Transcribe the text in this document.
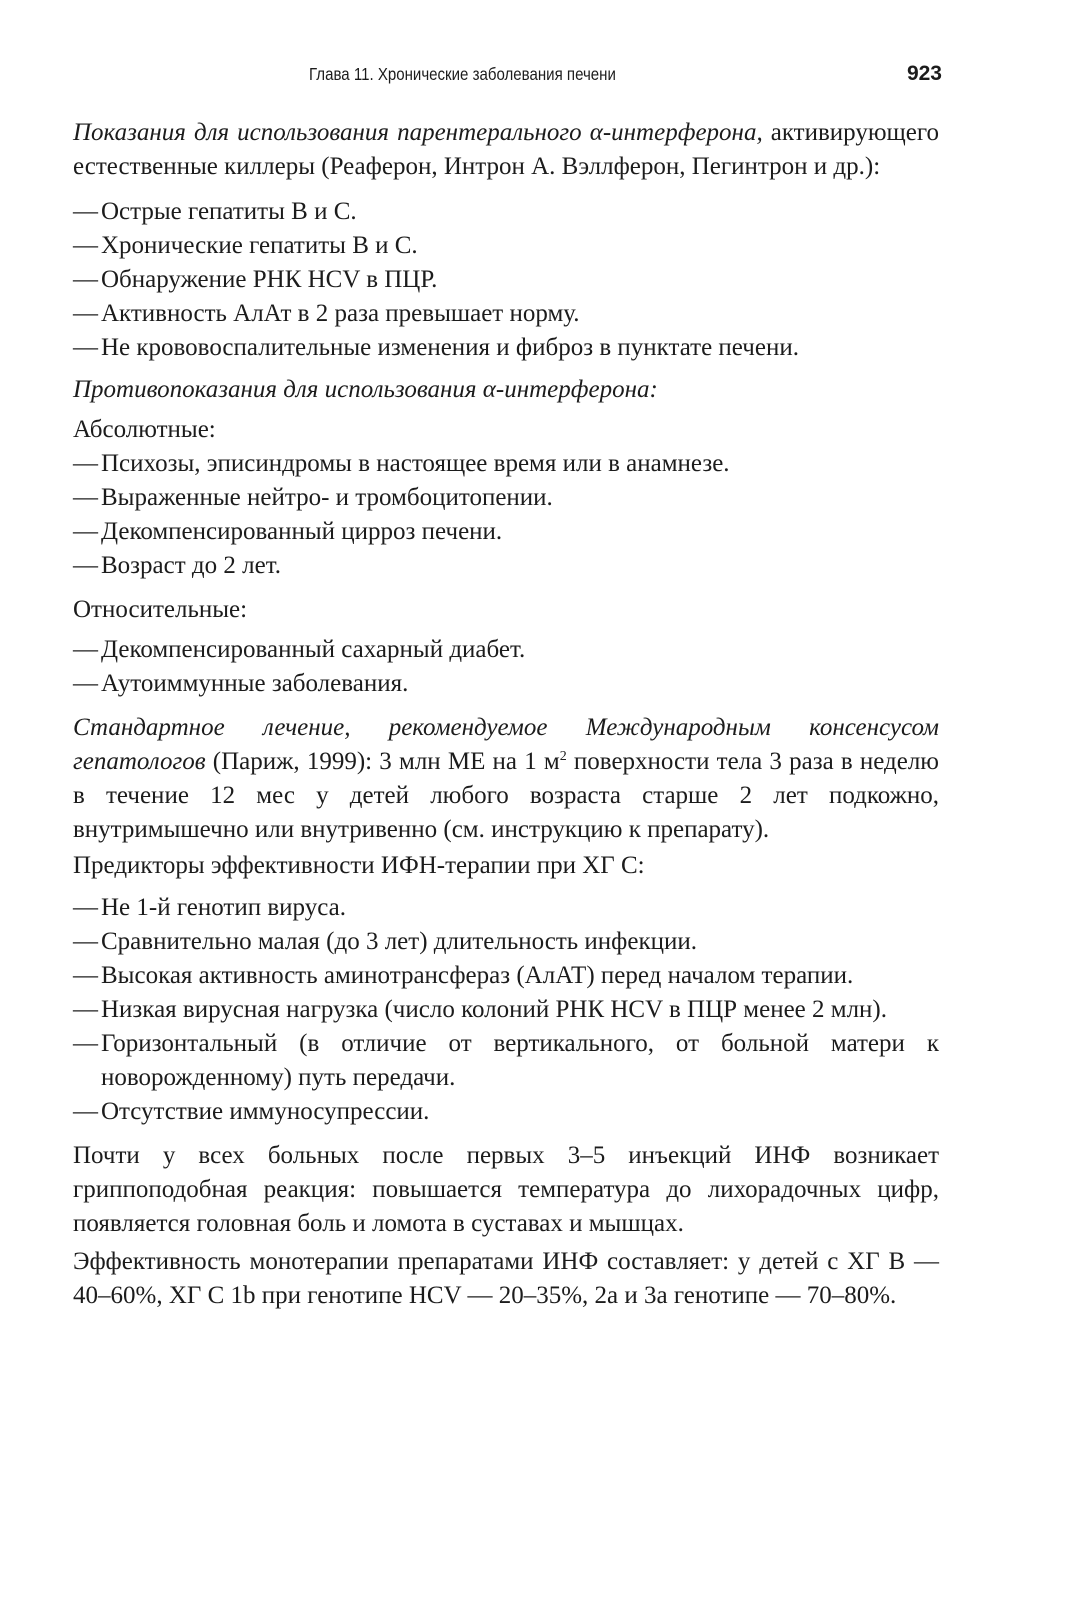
Глава 11. Хронические заболевания печени	923

Показания для использования парентерального α-интерферона, активирующего естественные киллеры (Реаферон, Интрон А. Вэллферон, Пегинтрон и др.):

— Острые гепатиты В и С.
— Хронические гепатиты В и С.
— Обнаружение РНК HCV в ПЦР.
— Активность АлАт в 2 раза превышает норму.
— Не крововоспалительные изменения и фиброз в пунктате печени.

Противопоказания для использования α-интерферона:

Абсолютные:

— Психозы, эписиндромы в настоящее время или в анамнезе.
— Выраженные нейтро- и тромбоцитопении.
— Декомпенсированный цирроз печени.
— Возраст до 2 лет.

Относительные:

— Декомпенсированный сахарный диабет.
— Аутоиммунные заболевания.

Стандартное лечение, рекомендуемое Международным консенсусом гепатологов (Париж, 1999): 3 млн МЕ на 1 $м^2$ поверхности тела 3 раза в неделю в течение 12 мес у детей любого возраста старше 2 лет подкожно, внутримышечно или внутривенно (см. инструкцию к препарату).

Предикторы эффективности ИФН-терапии при ХГ С:

— Не 1-й генотип вируса.
— Сравнительно малая (до 3 лет) длительность инфекции.
— Высокая активность аминотрансфераз (АлАТ) перед началом терапии.
— Низкая вирусная нагрузка (число колоний РНК HCV в ПЦР менее 2 млн).
— Горизонтальный (в отличие от вертикального, от больной матери к новорожденному) путь передачи.
— Отсутствие иммуносупрессии.

Почти у всех больных после первых 3–5 инъекций ИНФ возникает гриппоподобная реакция: повышается температура до лихорадочных цифр, появляется головная боль и ломота в суставах и мышцах.

Эффективность монотерапии препаратами ИНФ составляет: у детей с ХГ В — 40–60%, ХГ С 1b при генотипе HCV — 20–35%, 2а и 3а генотипе — 70–80%.
